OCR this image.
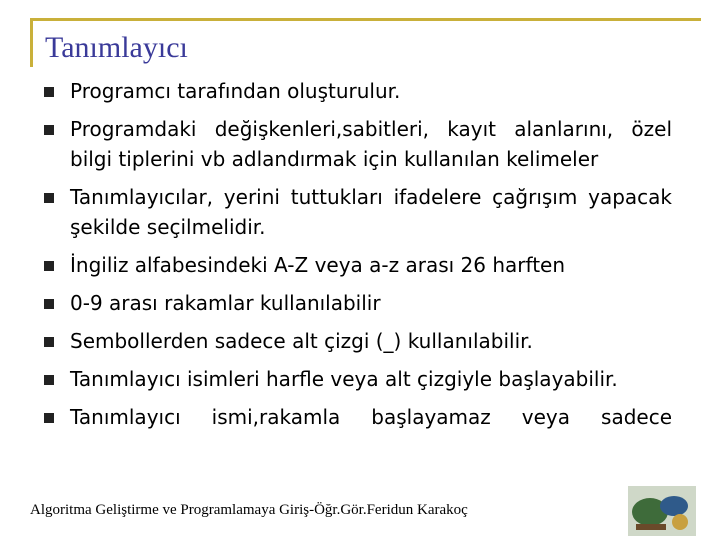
Tanımlayıcı
Programcı tarafından oluşturulur.
Programdaki değişkenleri,sabitleri, kayıt alanlarını, özel bilgi tiplerini vb adlandırmak için kullanılan kelimeler
Tanımlayıcılar, yerini tuttukları ifadelere çağrışım yapacak şekilde seçilmelidir.
İngiliz alfabesindeki A-Z veya a-z arası 26 harften
0-9 arası rakamlar kullanılabilir
Sembollerden sadece alt çizgi (_) kullanılabilir.
Tanımlayıcı isimleri harfle veya alt çizgiyle başlayabilir.
Tanımlayıcı ismi,rakamla başlayamaz veya sadece
Algoritma Geliştirme ve Programlamaya Giriş-Öğr.Gör.Feridun Karakoç
